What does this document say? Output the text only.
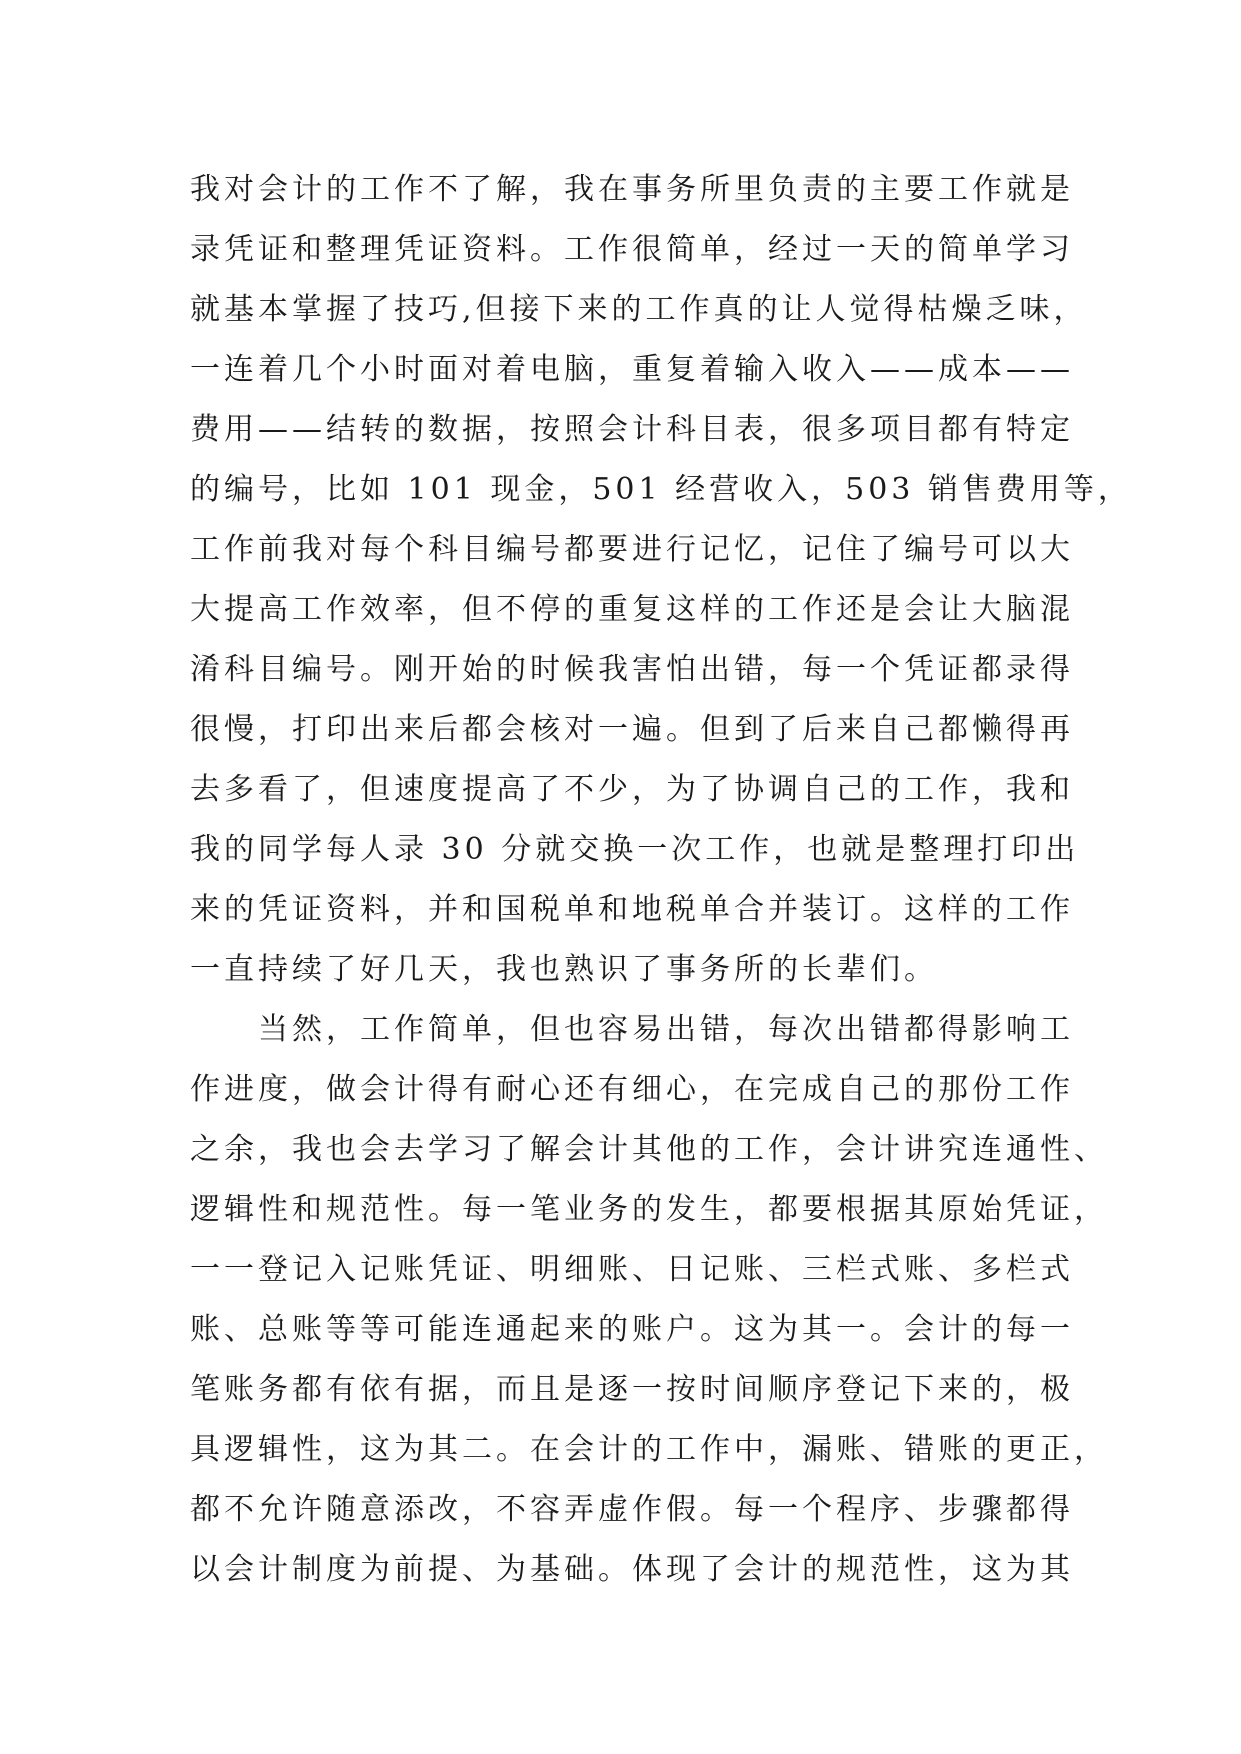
我对会计的工作不了解，我在事务所里负责的主要工作就是
录凭证和整理凭证资料。工作很简单，经过一天的简单学习
就基本掌握了技巧,但接下来的工作真的让人觉得枯燥乏味，
一连着几个小时面对着电脑，重复着输入收入——成本——
费用——结转的数据，按照会计科目表，很多项目都有特定
的编号，比如 101 现金，501 经营收入，503 销售费用等，
工作前我对每个科目编号都要进行记忆，记住了编号可以大
大提高工作效率，但不停的重复这样的工作还是会让大脑混
淆科目编号。刚开始的时候我害怕出错，每一个凭证都录得
很慢，打印出来后都会核对一遍。但到了后来自己都懒得再
去多看了，但速度提高了不少，为了协调自己的工作，我和
我的同学每人录 30 分就交换一次工作，也就是整理打印出
来的凭证资料，并和国税单和地税单合并装订。这样的工作
一直持续了好几天，我也熟识了事务所的长辈们。
当然，工作简单，但也容易出错，每次出错都得影响工
作进度，做会计得有耐心还有细心，在完成自己的那份工作
之余，我也会去学习了解会计其他的工作，会计讲究连通性、
逻辑性和规范性。每一笔业务的发生，都要根据其原始凭证，
一一登记入记账凭证、明细账、日记账、三栏式账、多栏式
账、总账等等可能连通起来的账户。这为其一。会计的每一
笔账务都有依有据，而且是逐一按时间顺序登记下来的，极
具逻辑性，这为其二。在会计的工作中，漏账、错账的更正，
都不允许随意添改，不容弄虚作假。每一个程序、步骤都得
以会计制度为前提、为基础。体现了会计的规范性，这为其
